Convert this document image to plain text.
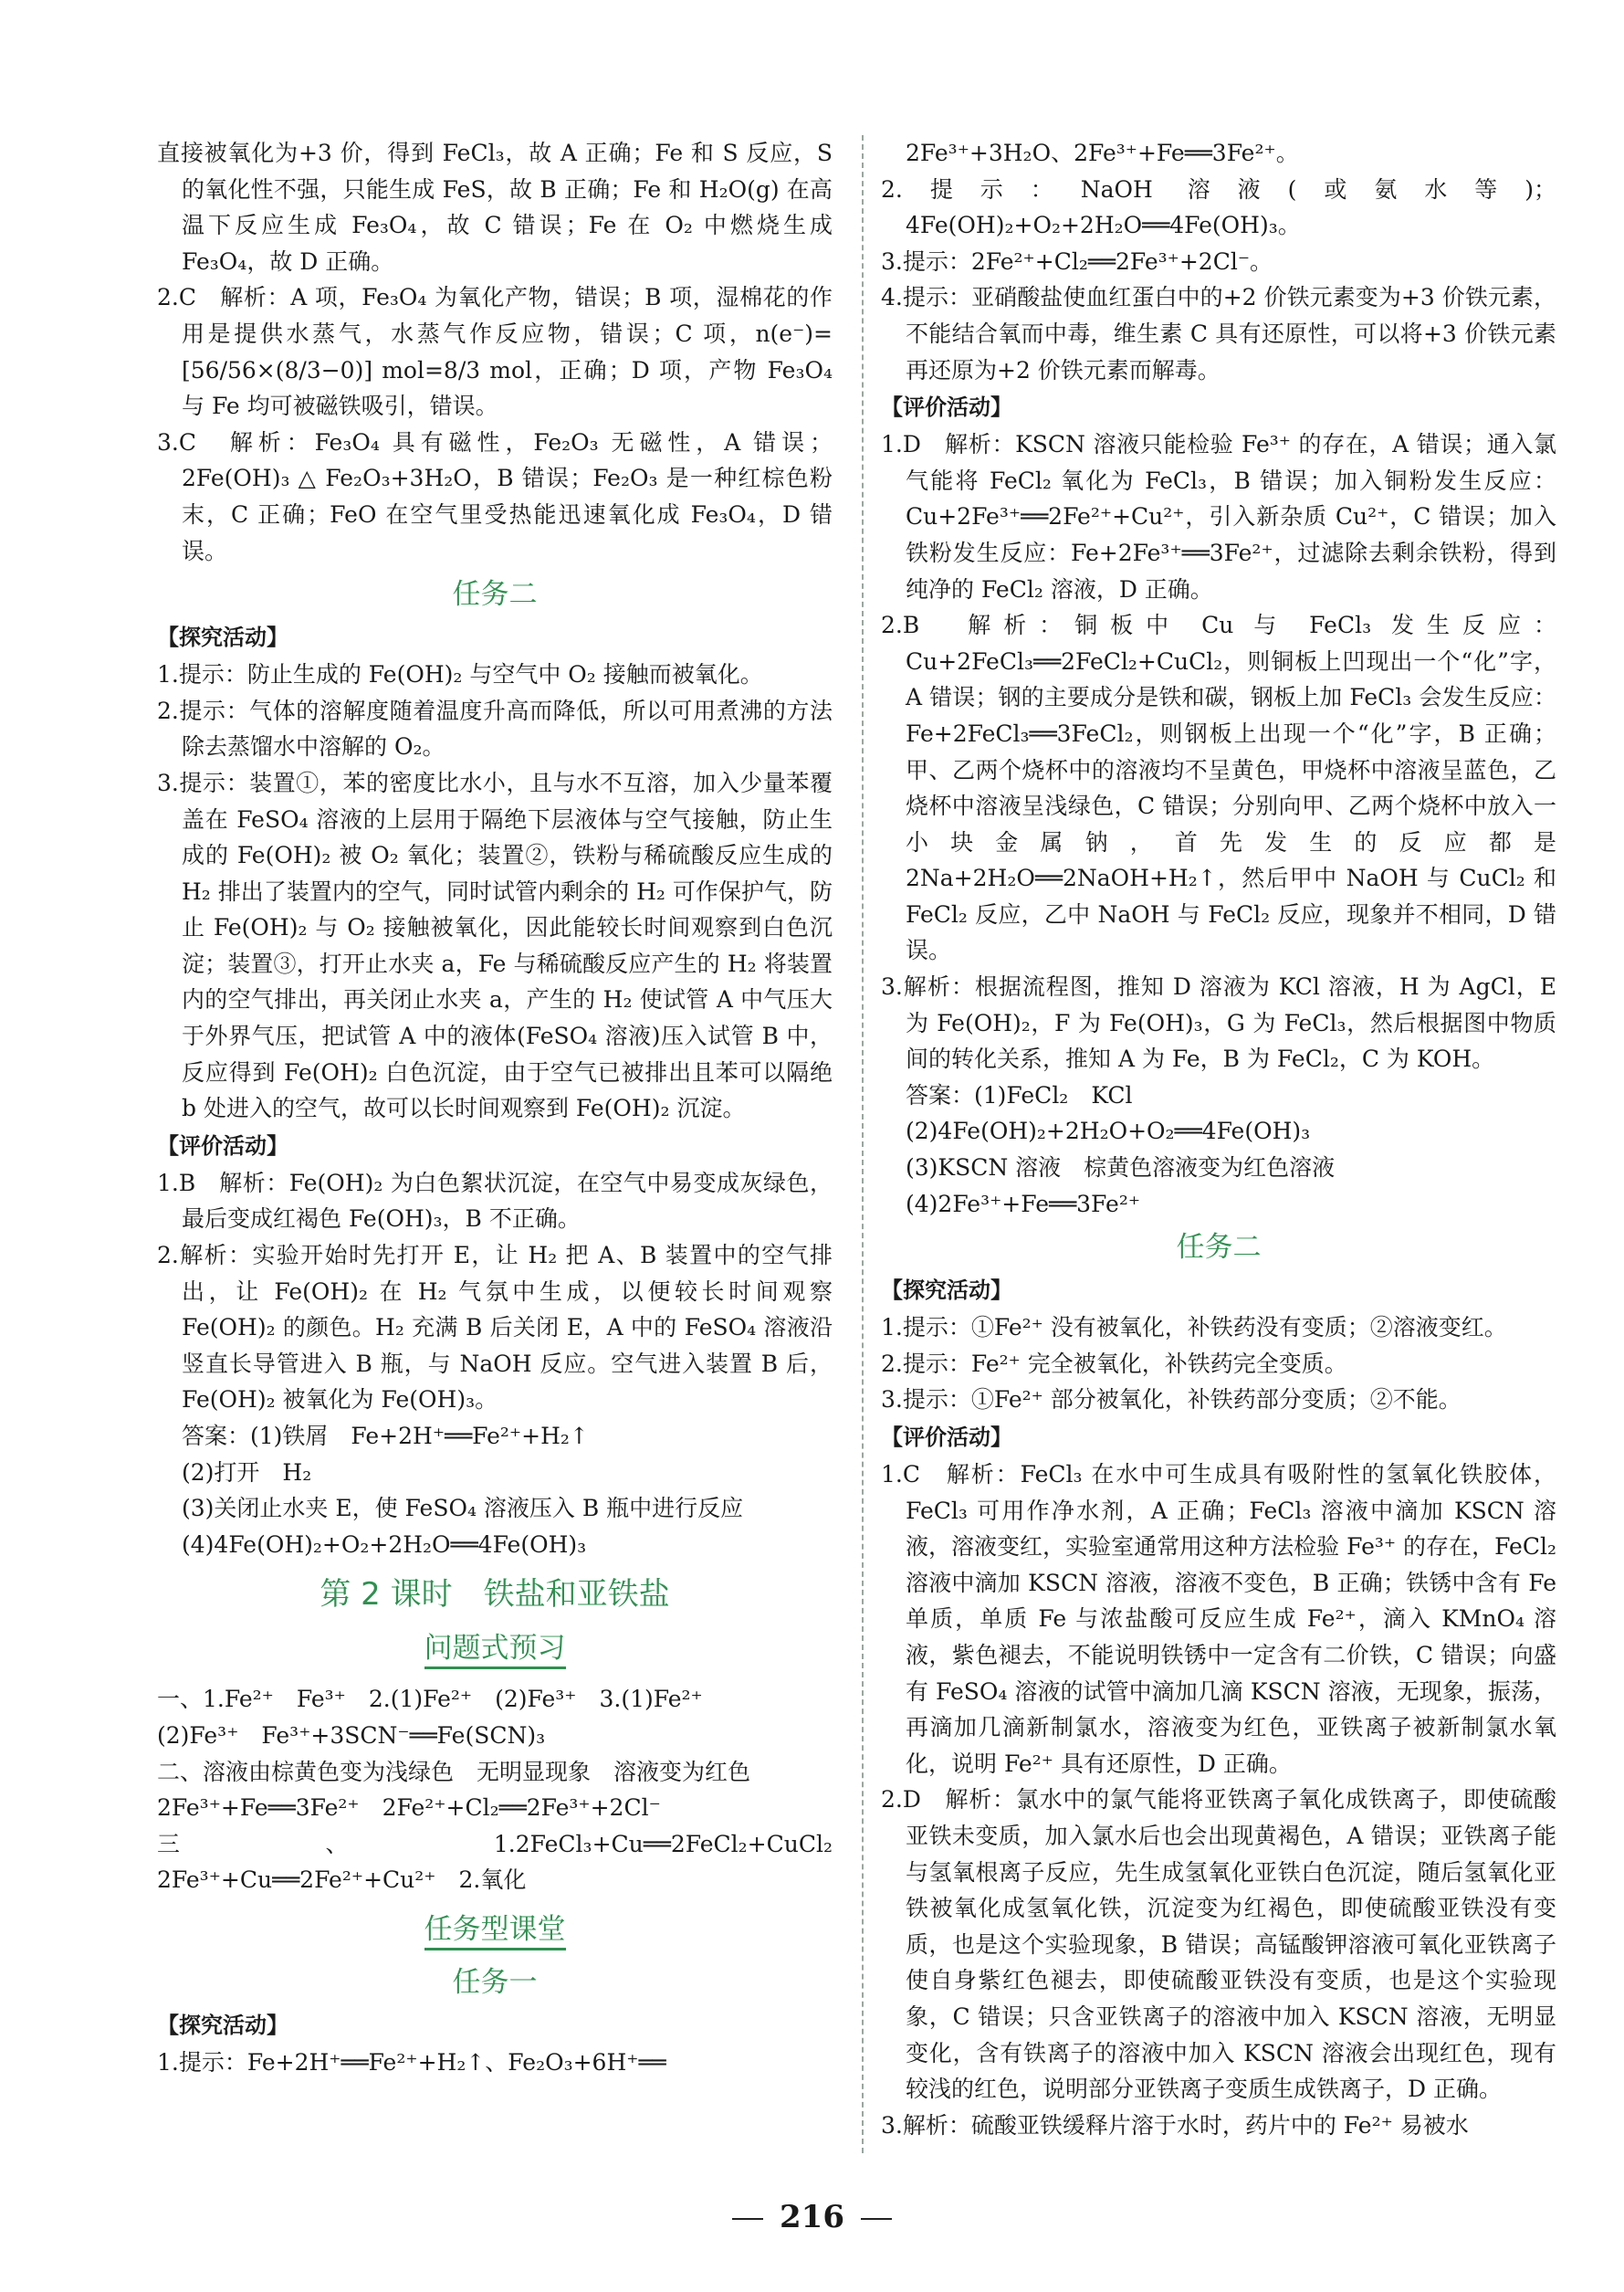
直接被氧化为+3 价，得到 FeCl₃，故 A 正确；Fe 和 S 反应，S 的氧化性不强，只能生成 FeS，故 B 正确；Fe 和 H₂O(g) 在高温下反应生成 Fe₃O₄，故 C 错误；Fe 在 O₂ 中燃烧生成 Fe₃O₄，故 D 正确。
2.C　解析：A 项，Fe₃O₄ 为氧化产物，错误；B 项，湿棉花的作用是提供水蒸气，水蒸气作反应物，错误；C 项，n(e⁻)=[56/56×(8/3−0)] mol=8/3 mol，正确；D 项，产物 Fe₃O₄ 与 Fe 均可被磁铁吸引，错误。
3.C　解析：Fe₃O₄ 具有磁性，Fe₂O₃ 无磁性，A 错误；2Fe(OH)₃ △ Fe₂O₃+3H₂O，B 错误；Fe₂O₃ 是一种红棕色粉末，C 正确；FeO 在空气里受热能迅速氧化成 Fe₃O₄，D 错误。
任务二
【探究活动】
1.提示：防止生成的 Fe(OH)₂ 与空气中 O₂ 接触而被氧化。
2.提示：气体的溶解度随着温度升高而降低，所以可用煮沸的方法除去蒸馏水中溶解的 O₂。
3.提示：装置①，苯的密度比水小，且与水不互溶，加入少量苯覆盖在 FeSO₄ 溶液的上层用于隔绝下层液体与空气接触，防止生成的 Fe(OH)₂ 被 O₂ 氧化；装置②，铁粉与稀硫酸反应生成的 H₂ 排出了装置内的空气，同时试管内剩余的 H₂ 可作保护气，防止 Fe(OH)₂ 与 O₂ 接触被氧化，因此能较长时间观察到白色沉淀；装置③，打开止水夹 a，Fe 与稀硫酸反应产生的 H₂ 将装置内的空气排出，再关闭止水夹 a，产生的 H₂ 使试管 A 中气压大于外界气压，把试管 A 中的液体(FeSO₄ 溶液)压入试管 B 中，反应得到 Fe(OH)₂ 白色沉淀，由于空气已被排出且苯可以隔绝 b 处进入的空气，故可以长时间观察到 Fe(OH)₂ 沉淀。
【评价活动】
1.B　解析：Fe(OH)₂ 为白色絮状沉淀，在空气中易变成灰绿色，最后变成红褐色 Fe(OH)₃，B 不正确。
2.解析：实验开始时先打开 E，让 H₂ 把 A、B 装置中的空气排出，让 Fe(OH)₂ 在 H₂ 气氛中生成，以便较长时间观察 Fe(OH)₂ 的颜色。H₂ 充满 B 后关闭 E，A 中的 FeSO₄ 溶液沿竖直长导管进入 B 瓶，与 NaOH 反应。空气进入装置 B 后，Fe(OH)₂ 被氧化为 Fe(OH)₃。
答案：(1)铁屑　Fe+2H⁺══Fe²⁺+H₂↑
(2)打开　H₂
(3)关闭止水夹 E，使 FeSO₄ 溶液压入 B 瓶中进行反应
(4)4Fe(OH)₂+O₂+2H₂O══4Fe(OH)₃
第 2 课时　铁盐和亚铁盐
问题式预习
一、1.Fe²⁺　Fe³⁺　2.(1)Fe²⁺　(2)Fe³⁺　3.(1)Fe²⁺
(2)Fe³⁺　Fe³⁺+3SCN⁻══Fe(SCN)₃
二、溶液由棕黄色变为浅绿色　无明显现象　溶液变为红色
2Fe³⁺+Fe══3Fe²⁺　2Fe²⁺+Cl₂══2Fe³⁺+2Cl⁻
三、1.2FeCl₃+Cu══2FeCl₂+CuCl₂　2Fe³⁺+Cu══2Fe²⁺+Cu²⁺　2.氧化
任务型课堂
任务一
【探究活动】
1.提示：Fe+2H⁺══Fe²⁺+H₂↑、Fe₂O₃+6H⁺══
2Fe³⁺+3H₂O、2Fe³⁺+Fe══3Fe²⁺。
2.提示：NaOH 溶液(或氨水等)；4Fe(OH)₂+O₂+2H₂O══4Fe(OH)₃。
3.提示：2Fe²⁺+Cl₂══2Fe³⁺+2Cl⁻。
4.提示：亚硝酸盐使血红蛋白中的+2 价铁元素变为+3 价铁元素，不能结合氧而中毒，维生素 C 具有还原性，可以将+3 价铁元素再还原为+2 价铁元素而解毒。
【评价活动】
1.D　解析：KSCN 溶液只能检验 Fe³⁺ 的存在，A 错误；通入氯气能将 FeCl₂ 氧化为 FeCl₃，B 错误；加入铜粉发生反应：Cu+2Fe³⁺══2Fe²⁺+Cu²⁺，引入新杂质 Cu²⁺，C 错误；加入铁粉发生反应：Fe+2Fe³⁺══3Fe²⁺，过滤除去剩余铁粉，得到纯净的 FeCl₂ 溶液，D 正确。
2.B　解析：铜板中 Cu 与 FeCl₃ 发生反应：Cu+2FeCl₃══2FeCl₂+CuCl₂，则铜板上凹现出一个“化”字，A 错误；钢的主要成分是铁和碳，钢板上加 FeCl₃ 会发生反应：Fe+2FeCl₃══3FeCl₂，则钢板上出现一个“化”字，B 正确；甲、乙两个烧杯中的溶液均不呈黄色，甲烧杯中溶液呈蓝色，乙烧杯中溶液呈浅绿色，C 错误；分别向甲、乙两个烧杯中放入一小块金属钠，首先发生的反应都是 2Na+2H₂O══2NaOH+H₂↑，然后甲中 NaOH 与 CuCl₂ 和 FeCl₂ 反应，乙中 NaOH 与 FeCl₂ 反应，现象并不相同，D 错误。
3.解析：根据流程图，推知 D 溶液为 KCl 溶液，H 为 AgCl，E 为 Fe(OH)₂，F 为 Fe(OH)₃，G 为 FeCl₃，然后根据图中物质间的转化关系，推知 A 为 Fe，B 为 FeCl₂，C 为 KOH。
答案：(1)FeCl₂　KCl
(2)4Fe(OH)₂+2H₂O+O₂══4Fe(OH)₃
(3)KSCN 溶液　棕黄色溶液变为红色溶液
(4)2Fe³⁺+Fe══3Fe²⁺
任务二
【探究活动】
1.提示：①Fe²⁺ 没有被氧化，补铁药没有变质；②溶液变红。
2.提示：Fe²⁺ 完全被氧化，补铁药完全变质。
3.提示：①Fe²⁺ 部分被氧化，补铁药部分变质；②不能。
【评价活动】
1.C　解析：FeCl₃ 在水中可生成具有吸附性的氢氧化铁胶体，FeCl₃ 可用作净水剂，A 正确；FeCl₃ 溶液中滴加 KSCN 溶液，溶液变红，实验室通常用这种方法检验 Fe³⁺ 的存在，FeCl₂ 溶液中滴加 KSCN 溶液，溶液不变色，B 正确；铁锈中含有 Fe 单质，单质 Fe 与浓盐酸可反应生成 Fe²⁺，滴入 KMnO₄ 溶液，紫色褪去，不能说明铁锈中一定含有二价铁，C 错误；向盛有 FeSO₄ 溶液的试管中滴加几滴 KSCN 溶液，无现象，振荡，再滴加几滴新制氯水，溶液变为红色，亚铁离子被新制氯水氧化，说明 Fe²⁺ 具有还原性，D 正确。
2.D　解析：氯水中的氯气能将亚铁离子氧化成铁离子，即使硫酸亚铁未变质，加入氯水后也会出现黄褐色，A 错误；亚铁离子能与氢氧根离子反应，先生成氢氧化亚铁白色沉淀，随后氢氧化亚铁被氧化成氢氧化铁，沉淀变为红褐色，即使硫酸亚铁没有变质，也是这个实验现象，B 错误；高锰酸钾溶液可氧化亚铁离子使自身紫红色褪去，即使硫酸亚铁没有变质，也是这个实验现象，C 错误；只含亚铁离子的溶液中加入 KSCN 溶液，无明显变化，含有铁离子的溶液中加入 KSCN 溶液会出现红色，现有较浅的红色，说明部分亚铁离子变质生成铁离子，D 正确。
3.解析：硫酸亚铁缓释片溶于水时，药片中的 Fe²⁺ 易被水
216
